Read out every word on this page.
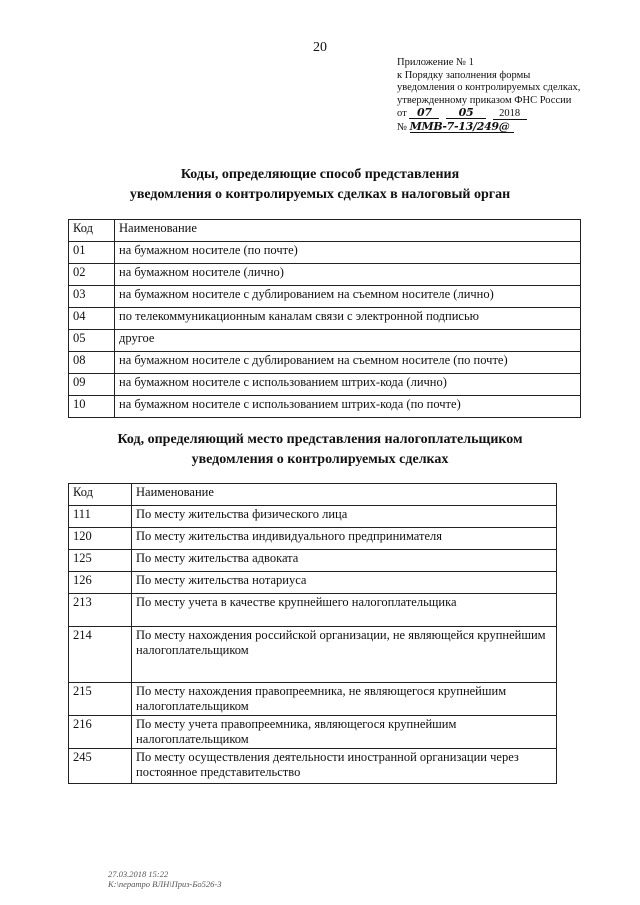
20
Приложение № 1
к Порядку заполнения формы
уведомления о контролируемых сделках,
утвержденному приказом ФНС России
от 07 05 2018
№ ММВ-7-13/249@
Коды, определяющие способ представления
уведомления о контролируемых сделках в налоговый орган
Код	Наименование
01	на бумажном носителе (по почте)
02	на бумажном носителе (лично)
03	на бумажном носителе с дублированием на съемном носителе (лично)
04	по телекоммуникационным каналам связи с электронной подписью
05	другое
08	на бумажном носителе с дублированием на съемном носителе (по почте)
09	на бумажном носителе с использованием штрих-кода (лично)
10	на бумажном носителе с использованием штрих-кода (по почте)
Код, определяющий место представления налогоплательщиком
уведомления о контролируемых сделках
Код	Наименование
111	По месту жительства физического лица
120	По месту жительства индивидуального предпринимателя
125	По месту жительства адвоката
126	По месту жительства нотариуса
213	По месту учета в качестве крупнейшего налогоплательщика
214	По месту нахождения российской организации, не являющейся крупнейшим налогоплательщиком
215	По месту нахождения правопреемника, не являющегося крупнейшим налогоплательщиком
216	По месту учета правопреемника, являющегося крупнейшим налогоплательщиком
245	По месту осуществления деятельности иностранной организации через постоянное представительство
27.03.2018 15:22
К:\ператро ВЛН\Приз-Бо526-3
